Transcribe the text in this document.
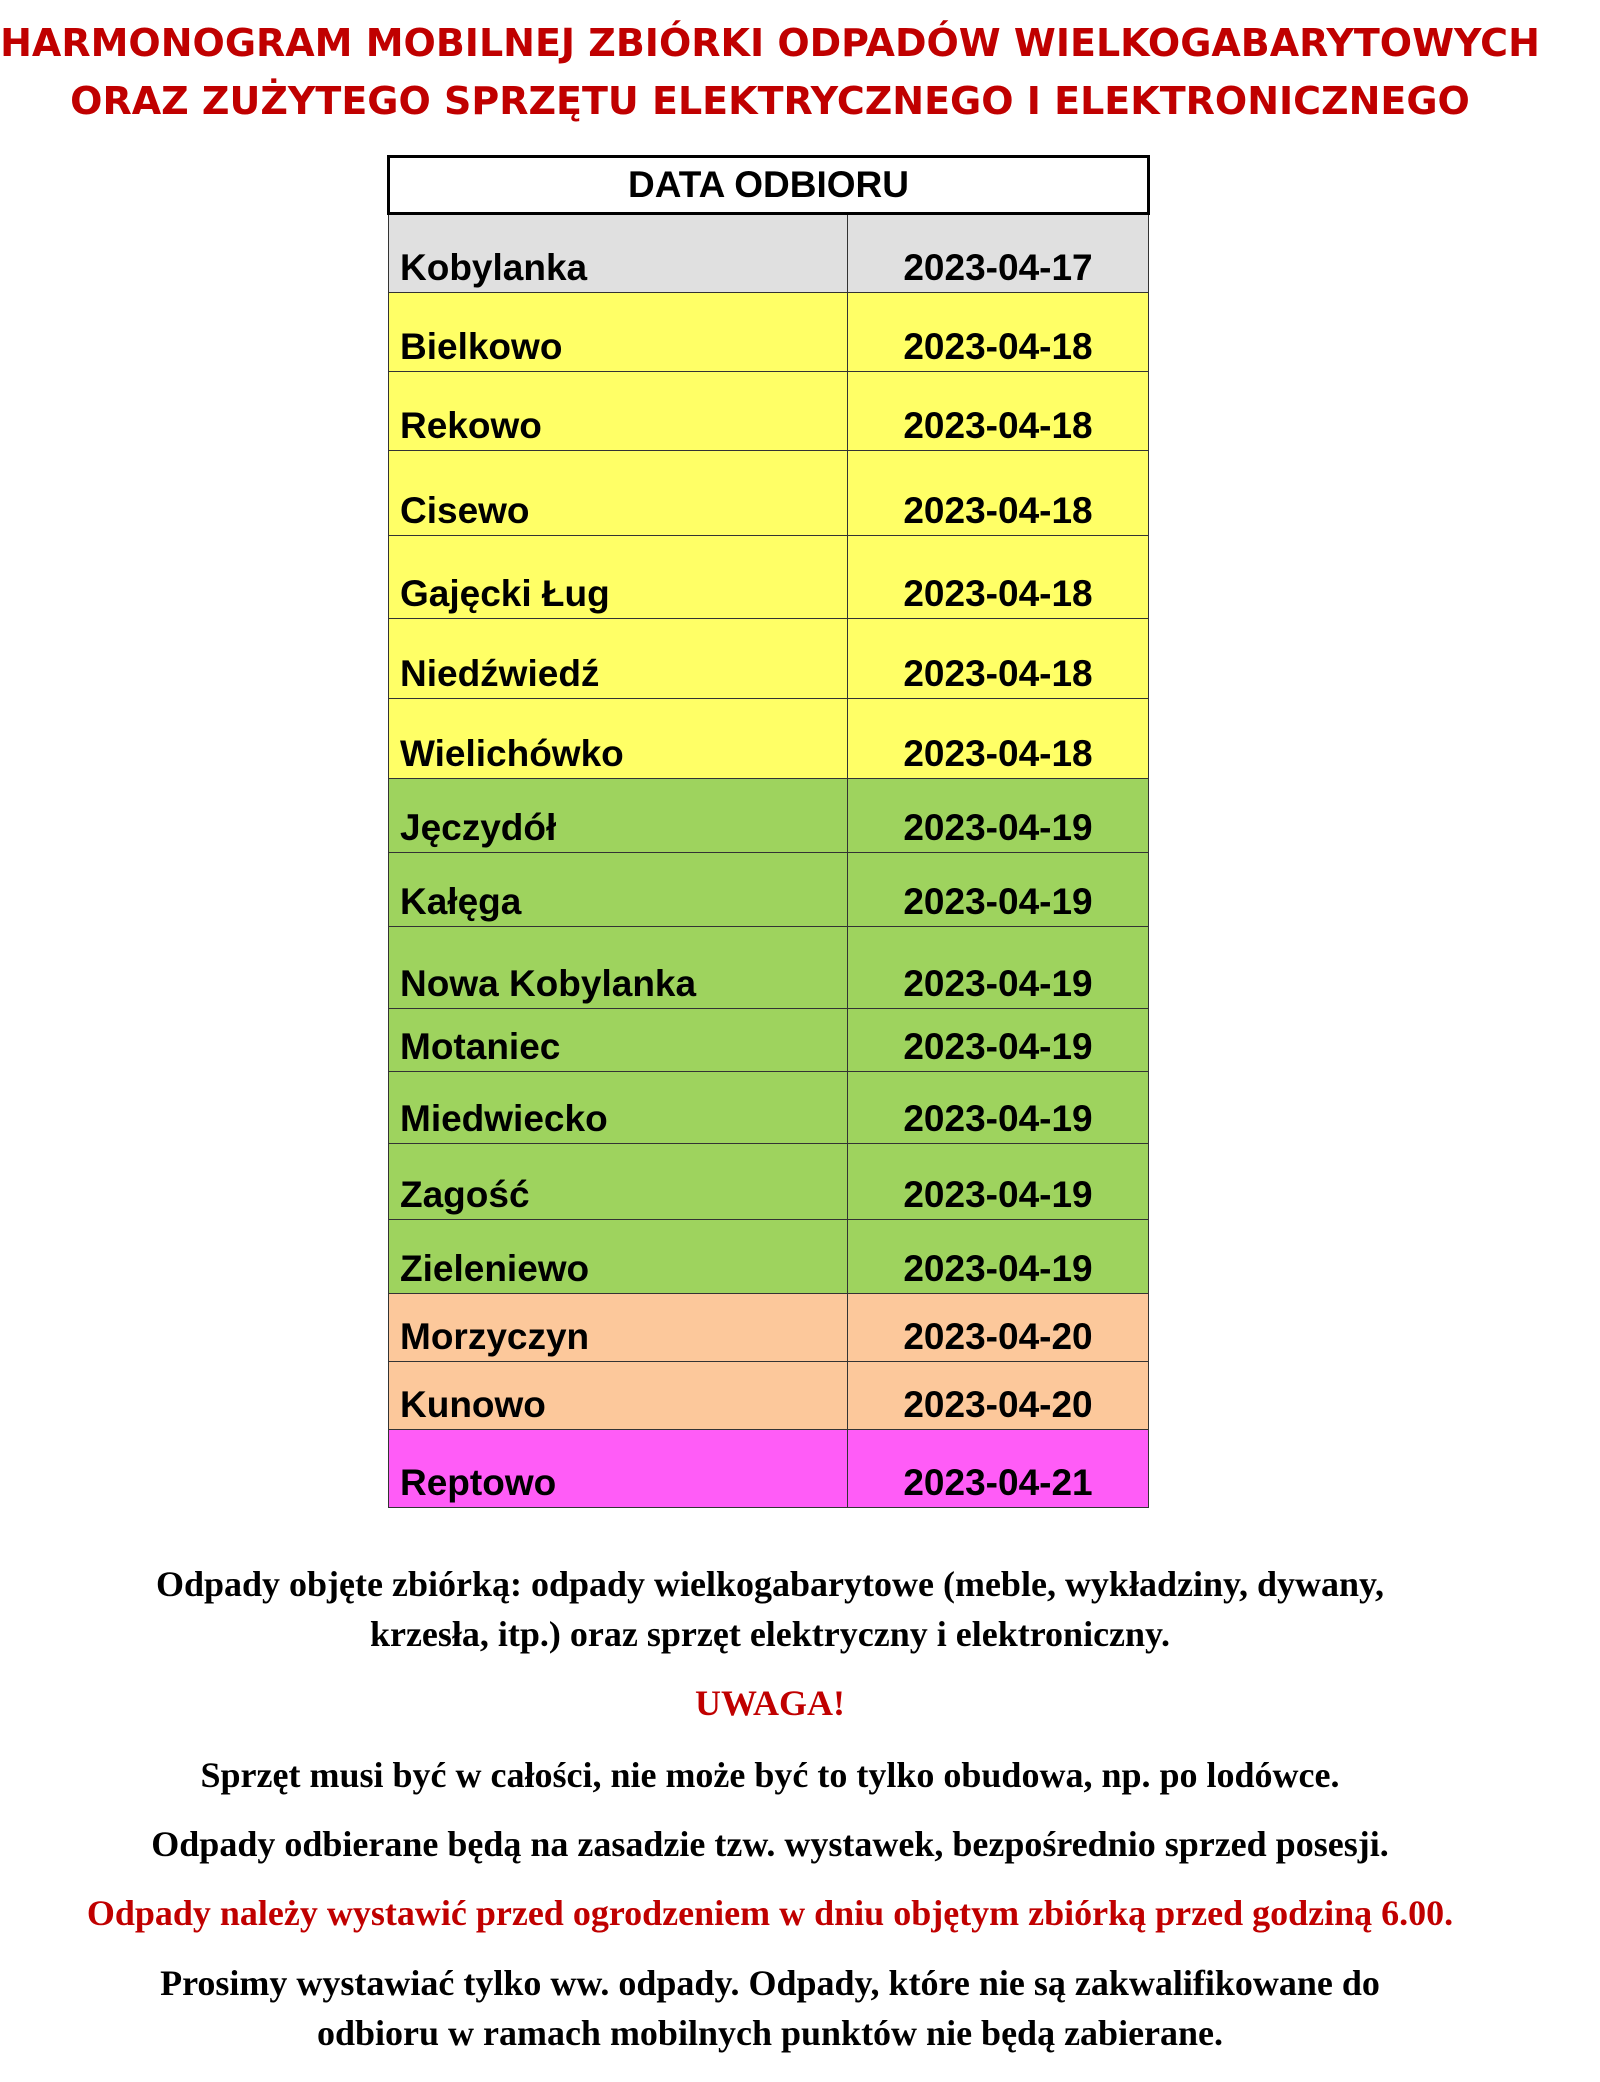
HARMONOGRAM MOBILNEJ ZBIÓRKI ODPADÓW WIELKOGABARYTOWYCH
ORAZ ZUŻYTEGO SPRZĘTU ELEKTRYCZNEGO I ELEKTRONICZNEGO
DATA ODBIORU	
Kobylanka	2023-04-17
Bielkowo	2023-04-18
Rekowo	2023-04-18
Cisewo	2023-04-18
Gajęcki Ług	2023-04-18
Niedźwiedź	2023-04-18
Wielichówko	2023-04-18
Jęczydół	2023-04-19
Kałęga	2023-04-19
Nowa Kobylanka	2023-04-19
Motaniec	2023-04-19
Miedwiecko	2023-04-19
Zagość	2023-04-19
Zieleniewo	2023-04-19
Morzyczyn	2023-04-20
Kunowo	2023-04-20
Reptowo	2023-04-21
Odpady objęte zbiórką: odpady wielkogabarytowe (meble, wykładziny, dywany,
krzesła, itp.) oraz sprzęt elektryczny i elektroniczny.
UWAGA!
Sprzęt musi być w całości, nie może być to tylko obudowa, np. po lodówce.
Odpady odbierane będą na zasadzie tzw. wystawek, bezpośrednio sprzed posesji.
Odpady należy wystawić przed ogrodzeniem w dniu objętym zbiórką przed godziną 6.00.
Prosimy wystawiać tylko ww. odpady. Odpady, które nie są zakwalifikowane do
odbioru w ramach mobilnych punktów nie będą zabierane.
